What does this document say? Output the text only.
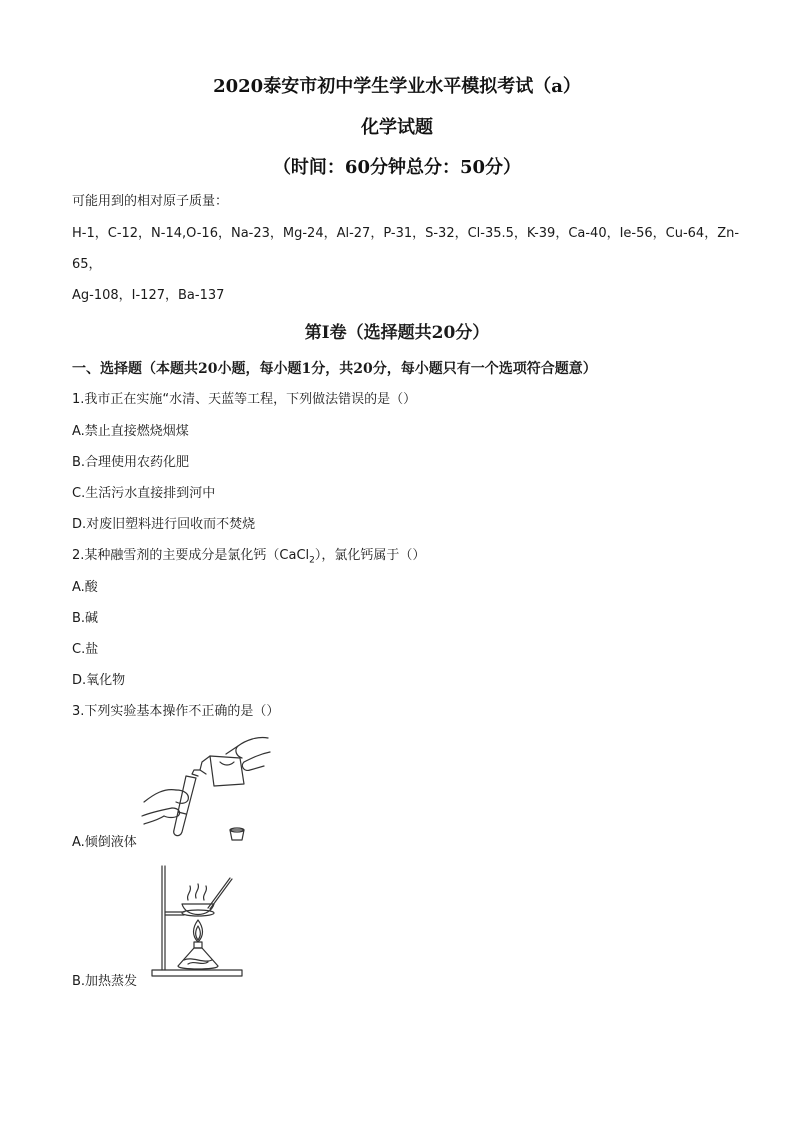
2020泰安市初中学生学业水平模拟考试（a）
化学试题
（时间：60分钟总分：50分）
可能用到的相对原子质量：
H-1，C-12，N-14,O-16，Na-23，Mg-24，Al-27，P-31，S-32，Cl-35.5，K-39，Ca-40，Ie-56，Cu-64，Zn-
65，
Ag-108，I-127，Ba-137
第Ⅰ卷（选择题共20分）
一、选择题（本题共20小题，每小题1分，共20分，每小题只有一个选项符合题意）
1.我市正在实施“水清、天蓝等工程，下列做法错误的是（）
A.禁止直接燃烧烟煤
B.合理使用农药化肥
C.生活污水直接排到河中
D.对废旧塑料进行回收而不焚烧
2.某种融雪剂的主要成分是氯化钙（CaCl$_2$），氯化钙属于（）
A.酸
B.碱
C.盐
D.氧化物
3.下列实验基本操作不正确的是（）
A.倾倒液体
B.加热蒸发
